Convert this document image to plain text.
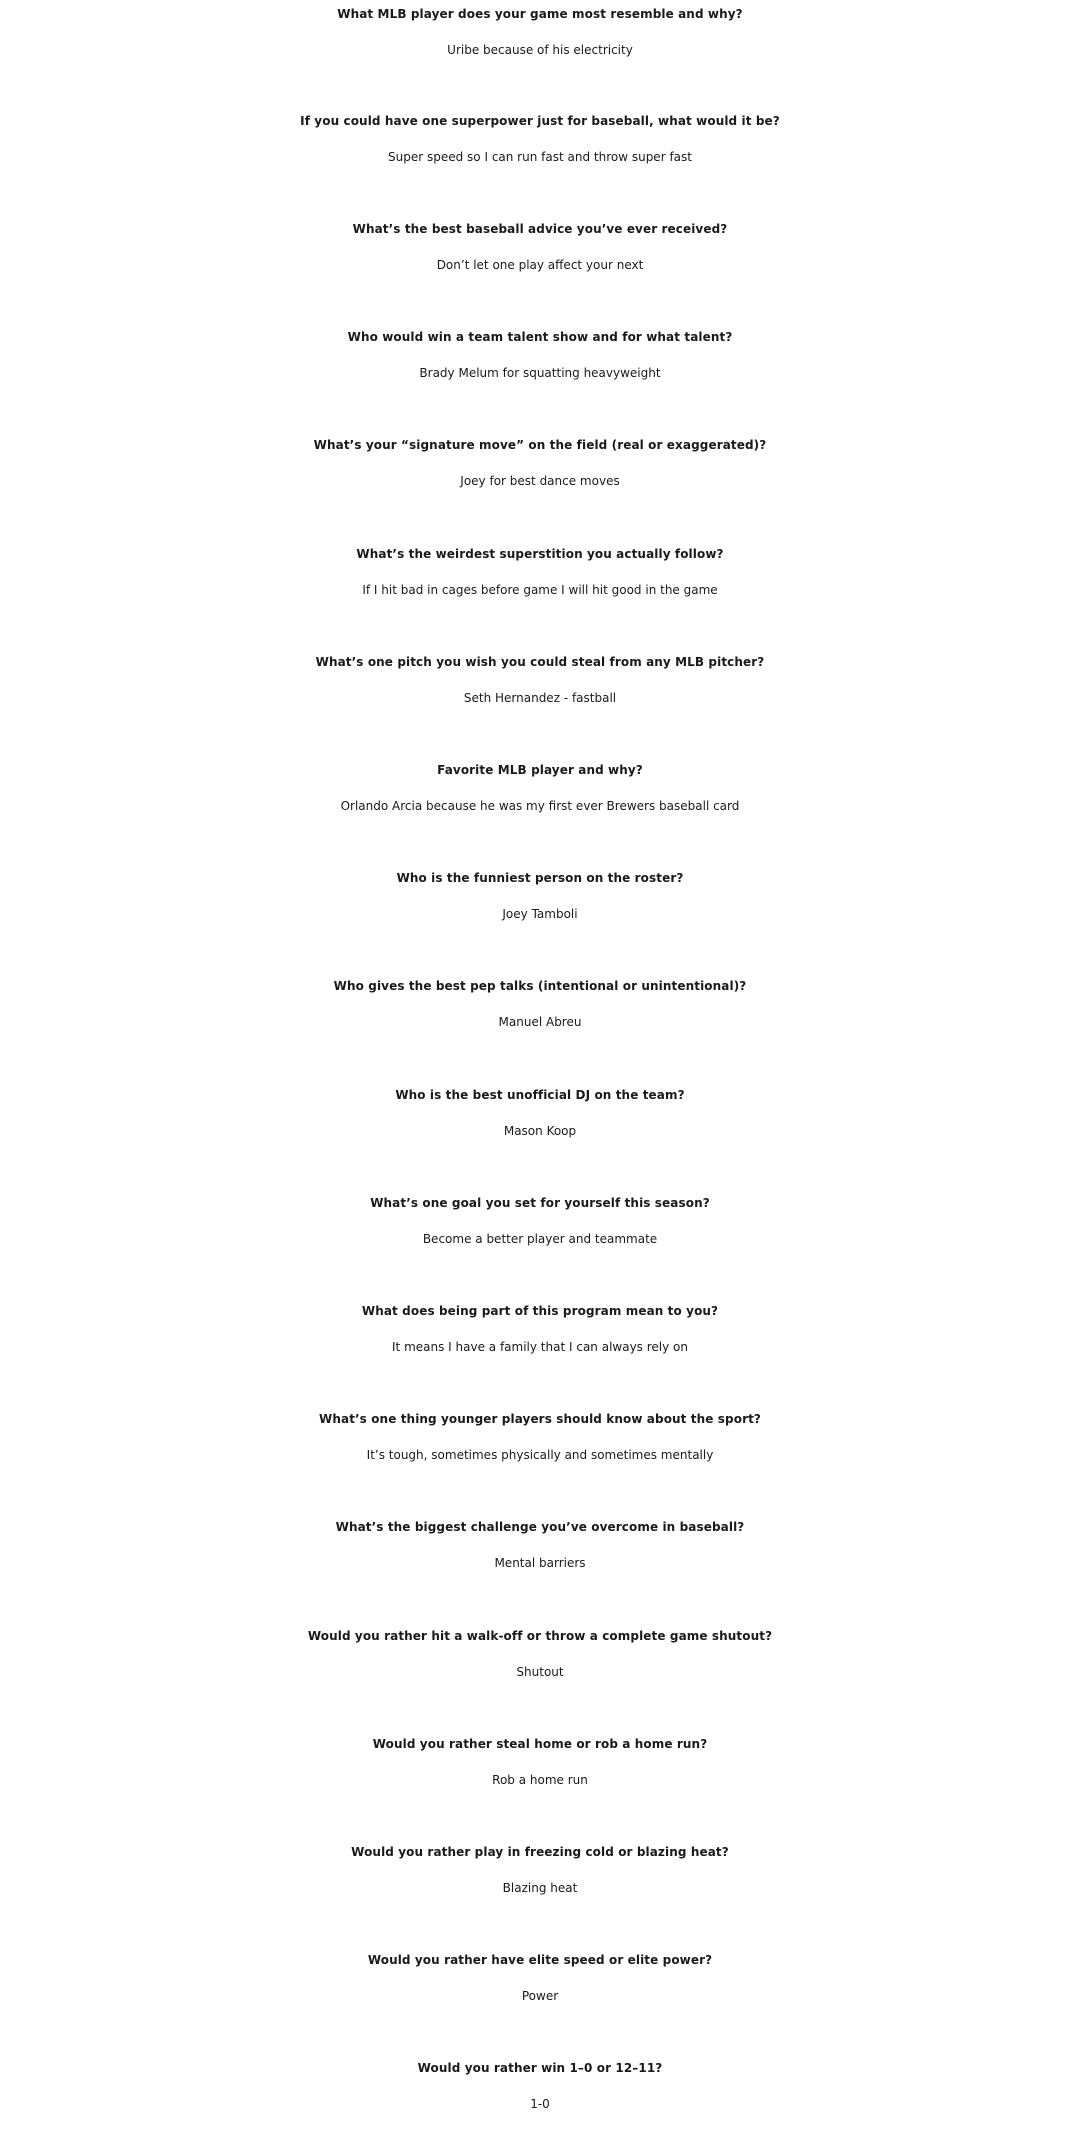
What MLB player does your game most resemble and why?
Uribe because of his electricity
If you could have one superpower just for baseball, what would it be?
Super speed so I can run fast and throw super fast
What’s the best baseball advice you’ve ever received?
Don’t let one play affect your next
Who would win a team talent show and for what talent?
Brady Melum for squatting heavyweight
What’s your “signature move” on the field (real or exaggerated)?
Joey for best dance moves
What’s the weirdest superstition you actually follow?
If I hit bad in cages before game I will hit good in the game
What’s one pitch you wish you could steal from any MLB pitcher?
Seth Hernandez - fastball
Favorite MLB player and why?
Orlando Arcia because he was my first ever Brewers baseball card
Who is the funniest person on the roster?
Joey Tamboli
Who gives the best pep talks (intentional or unintentional)?
Manuel Abreu
Who is the best unofficial DJ on the team?
Mason Koop
What’s one goal you set for yourself this season?
Become a better player and teammate
What does being part of this program mean to you?
It means I have a family that I can always rely on
What’s one thing younger players should know about the sport?
It’s tough, sometimes physically and sometimes mentally
What’s the biggest challenge you’ve overcome in baseball?
Mental barriers
Would you rather hit a walk-off or throw a complete game shutout?
Shutout
Would you rather steal home or rob a home run?
Rob a home run
Would you rather play in freezing cold or blazing heat?
Blazing heat
Would you rather have elite speed or elite power?
Power
Would you rather win 1–0 or 12–11?
1-0
